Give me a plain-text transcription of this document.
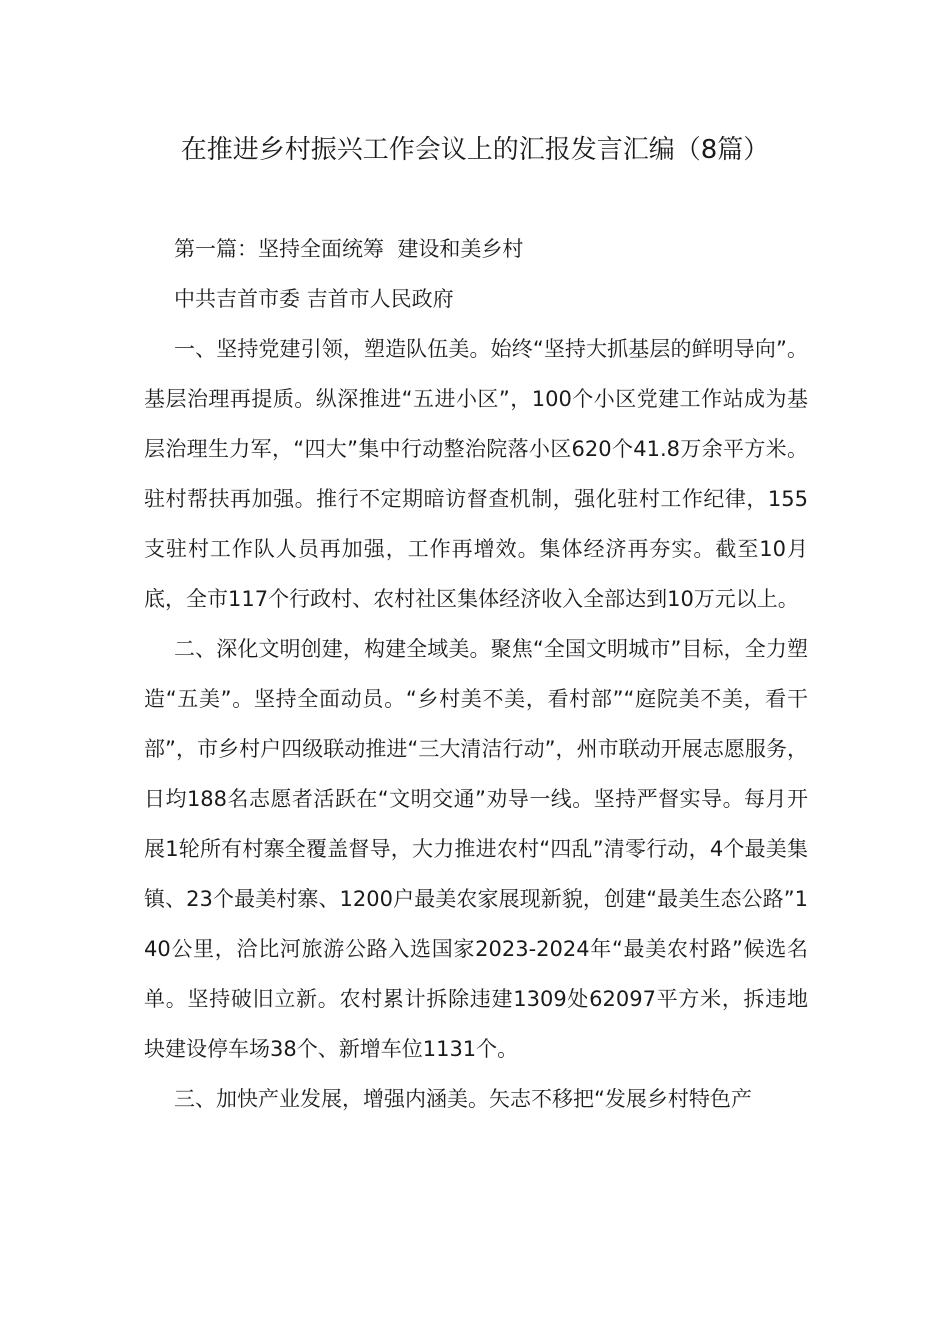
在推进乡村振兴工作会议上的汇报发言汇编（8篇）

第一篇：坚持全面统筹  建设和美乡村

中共吉首市委 吉首市人民政府

一、坚持党建引领，塑造队伍美。始终“坚持大抓基层的鲜明导向”。基层治理再提质。纵深推进“五进小区”，100个小区党建工作站成为基层治理生力军，“四大”集中行动整治院落小区620个41.8万余平方米。驻村帮扶再加强。推行不定期暗访督查机制，强化驻村工作纪律，155支驻村工作队人员再加强，工作再增效。集体经济再夯实。截至10月底，全市117个行政村、农村社区集体经济收入全部达到10万元以上。

二、深化文明创建，构建全域美。聚焦“全国文明城市”目标，全力塑造“五美”。坚持全面动员。“乡村美不美，看村部”“庭院美不美，看干部”，市乡村户四级联动推进“三大清洁行动”，州市联动开展志愿服务，日均188名志愿者活跃在“文明交通”劝导一线。坚持严督实导。每月开展1轮所有村寨全覆盖督导，大力推进农村“四乱”清零行动，4个最美集镇、23个最美村寨、1200户最美农家展现新貌，创建“最美生态公路”140公里，洽比河旅游公路入选国家2023-2024年“最美农村路”候选名单。坚持破旧立新。农村累计拆除违建1309处62097平方米，拆违地块建设停车场38个、新增车位1131个。

三、加快产业发展，增强内涵美。矢志不移把“发展乡村特色产
